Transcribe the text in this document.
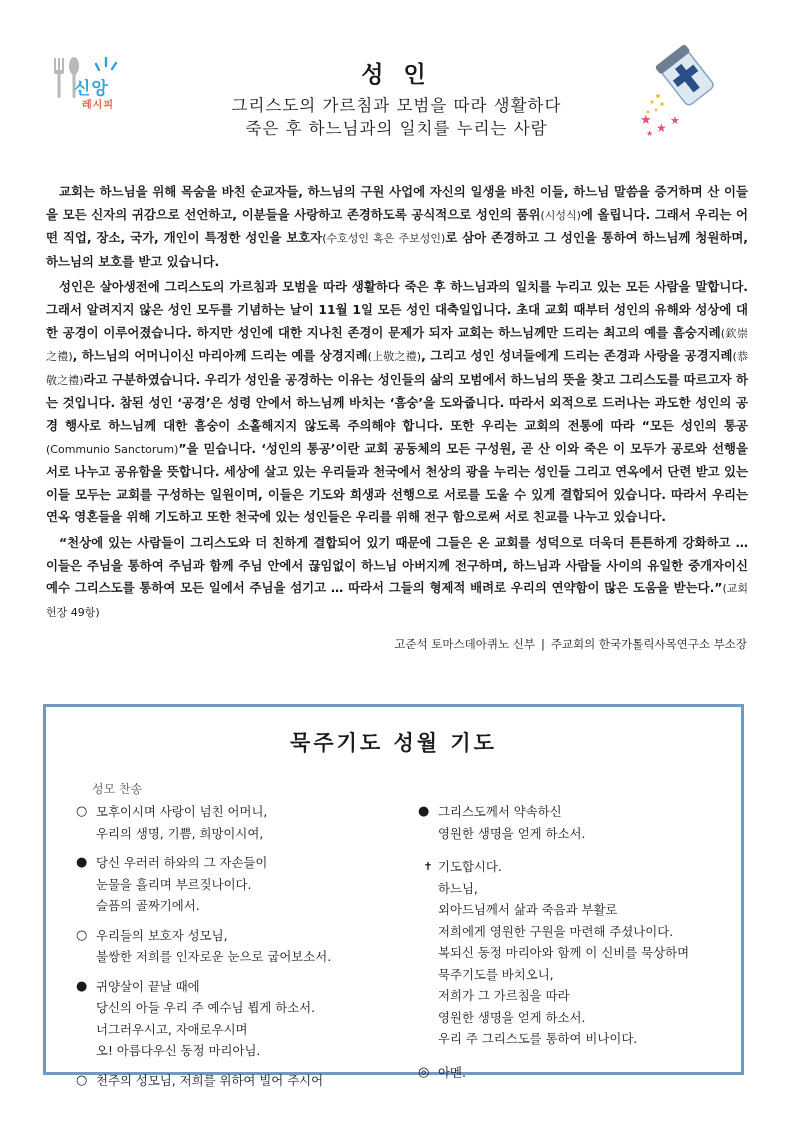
신앙
레시피
성 인
그리스도의 가르침과 모범을 따라 생활하다
죽은 후 하느님과의 일치를 누리는 사람	★ ★
★
★

교회는 하느님을 위해 목숨을 바친 순교자들, 하느님의 구원 사업에 자신의 일생을 바친 이들, 하느님 말씀을 증거하며 산 이들을 모든 신자의 귀감으로 선언하고, 이분들을 사랑하고 존경하도록 공식적으로 성인의 품위(시성식)에 올립니다. 그래서 우리는 어떤 직업, 장소, 국가, 개인이 특정한 성인을 보호자(수호성인 혹은 주보성인)로 삼아 존경하고 그 성인을 통하여 하느님께 청원하며, 하느님의 보호를 받고 있습니다.

성인은 살아생전에 그리스도의 가르침과 모범을 따라 생활하다 죽은 후 하느님과의 일치를 누리고 있는 모든 사람을 말합니다. 그래서 알려지지 않은 성인 모두를 기념하는 날이 11월 1일 모든 성인 대축일입니다. 초대 교회 때부터 성인의 유해와 성상에 대한 공경이 이루어졌습니다. 하지만 성인에 대한 지나친 존경이 문제가 되자 교회는 하느님께만 드리는 최고의 예를 흠숭지례(欽崇之禮), 하느님의 어머니이신 마리아께 드리는 예를 상경지례(上敬之禮), 그리고 성인 성녀들에게 드리는 존경과 사랑을 공경지례(恭敬之禮)라고 구분하였습니다. 우리가 성인을 공경하는 이유는 성인들의 삶의 모범에서 하느님의 뜻을 찾고 그리스도를 따르고자 하는 것입니다. 참된 성인 ‘공경’은 성령 안에서 하느님께 바치는 ‘흠숭’을 도와줍니다. 따라서 외적으로 드러나는 과도한 성인의 공경 행사로 하느님께 대한 흠숭이 소홀해지지 않도록 주의해야 합니다. 또한 우리는 교회의 전통에 따라 “모든 성인의 통공(Communio Sanctorum)”을 믿습니다. ‘성인의 통공’이란 교회 공동체의 모든 구성원, 곧 산 이와 죽은 이 모두가 공로와 선행을 서로 나누고 공유함을 뜻합니다. 세상에 살고 있는 우리들과 천국에서 천상의 광을 누리는 성인들 그리고 연옥에서 단련 받고 있는 이들 모두는 교회를 구성하는 일원이며, 이들은 기도와 희생과 선행으로 서로를 도울 수 있게 결합되어 있습니다. 따라서 우리는 연옥 영혼들을 위해 기도하고 또한 천국에 있는 성인들은 우리를 위해 전구 함으로써 서로 친교를 나누고 있습니다.

“천상에 있는 사람들이 그리스도와 더 친하게 결합되어 있기 때문에 그들은 온 교회를 성덕으로 더욱더 튼튼하게 강화하고 … 이들은 주님을 통하여 주님과 함께 주님 안에서 끊임없이 하느님 아버지께 전구하며, 하느님과 사람들 사이의 유일한 중개자이신 예수 그리스도를 통하여 모든 일에서 주님을 섬기고 … 따라서 그들의 형제적 배려로 우리의 연약함이 많은 도움을 받는다.”(교회헌장 49항)

고준석 토마스데아퀴노 신부 | 주교회의 한국가톨릭사목연구소 부소장
묵주기도 성월 기도
성모 찬송
○ 모후이시며 사랑이 넘친 어머니,
우리의 생명, 기쁨, 희망이시여,
● 당신 우러러 하와의 그 자손들이
눈물을 흘리며 부르짖나이다.
슬픔의 골짜기에서.
○ 우리들의 보호자 성모님,
불쌍한 저희를 인자로운 눈으로 굽어보소서.
● 귀양살이 끝날 때에
당신의 아들 우리 주 예수님 뵙게 하소서.
너그러우시고, 자애로우시며
오! 아름다우신 동정 마리아님.
○ 천주의 성모님, 저희를 위하여 빌어 주시어
● 그리스도께서 약속하신
영원한 생명을 얻게 하소서.
✝ 기도합시다.
하느님,
외아드님께서 삶과 죽음과 부활로
저희에게 영원한 구원을 마련해 주셨나이다.
복되신 동정 마리아와 함께 이 신비를 묵상하며
묵주기도를 바치오니,
저희가 그 가르침을 따라
영원한 생명을 얻게 하소서.
우리 주 그리스도를 통하여 비나이다.
◎ 아멘.
